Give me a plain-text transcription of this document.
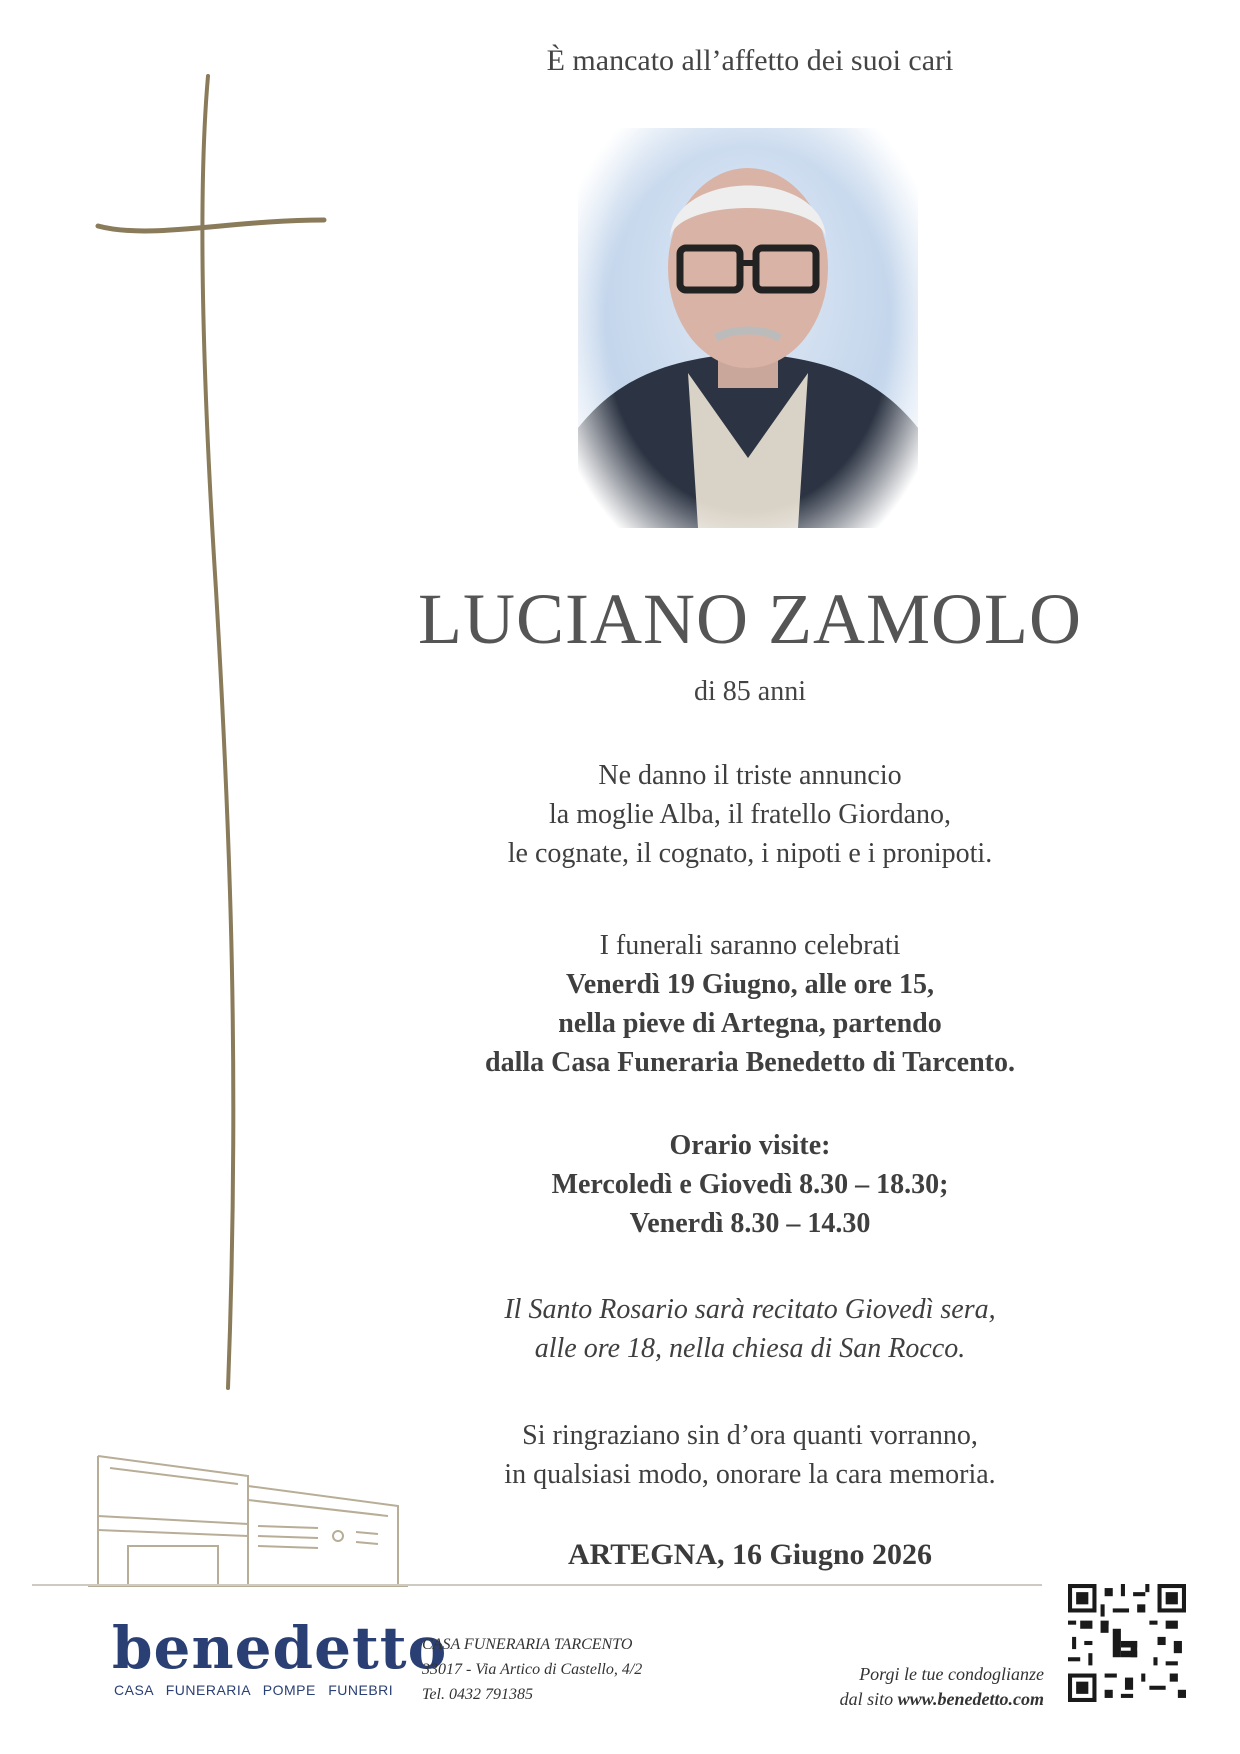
È mancato all’affetto dei suoi cari
LUCIANO ZAMOLO
di 85 anni
Ne danno il triste annuncio
la moglie Alba, il fratello Giordano,
le cognate, il cognato, i nipoti e i pronipoti.
I funerali saranno celebrati
Venerdì 19 Giugno, alle ore 15,
nella pieve di Artegna, partendo
dalla Casa Funeraria Benedetto di Tarcento.
Orario visite:
Mercoledì e Giovedì 8.30 – 18.30;
Venerdì 8.30 – 14.30
Il Santo Rosario sarà recitato Giovedì sera,
alle ore 18, nella chiesa di San Rocco.
Si ringraziano sin d’ora quanti vorranno,
in qualsiasi modo, onorare la cara memoria.
ARTEGNA, 16 Giugno 2026
benedetto
CASA FUNERARIA POMPE FUNEBRI
CASA FUNERARIA TARCENTO
33017 - Via Artico di Castello, 4/2
Tel. 0432 791385
Porgi le tue condoglianze
dal sito www.benedetto.com
